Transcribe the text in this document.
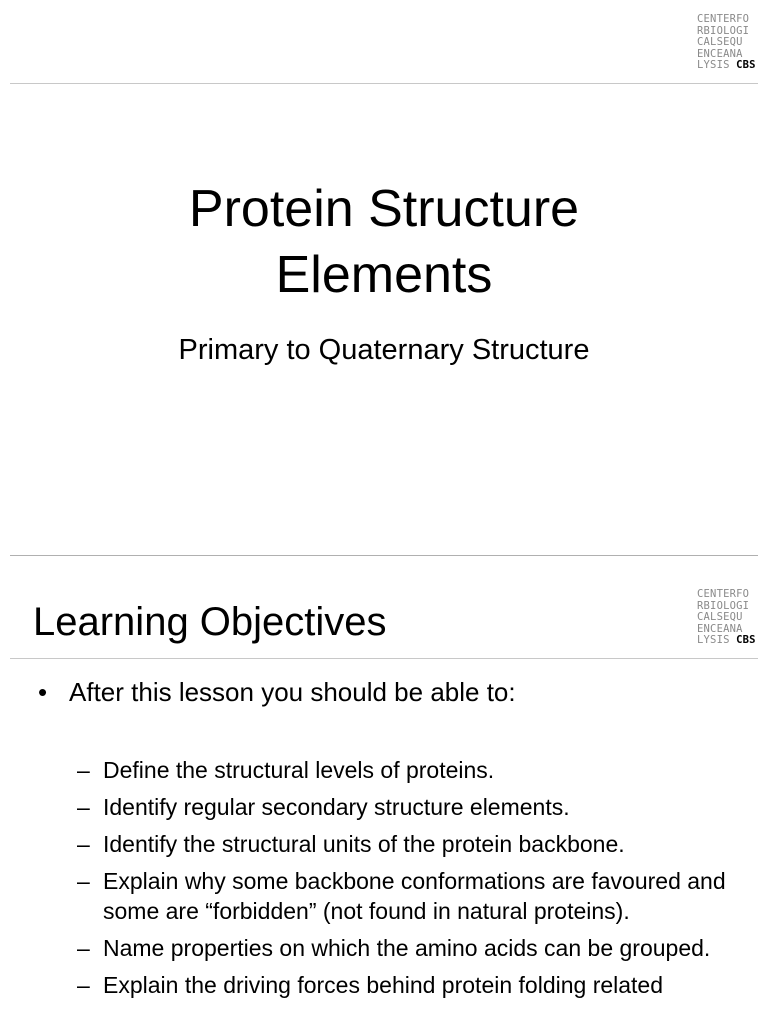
CENTERFO
RBIOLOGI
CALSEQU
ENCEANA
LYSIS CBS
Protein Structure
Elements

Primary to Quaternary Structure

CENTERFO
RBIOLOGI
CALSEQU
ENCEANA
LYSIS CBS
Learning Objectives
• After this lesson you should be able to:
– Define the structural levels of proteins.
– Identify regular secondary structure elements.
– Identify the structural units of the protein backbone.
– Explain why some backbone conformations are favoured and some are “forbidden” (not found in natural proteins).
– Name properties on which the amino acids can be grouped.
– Explain the driving forces behind protein folding related
